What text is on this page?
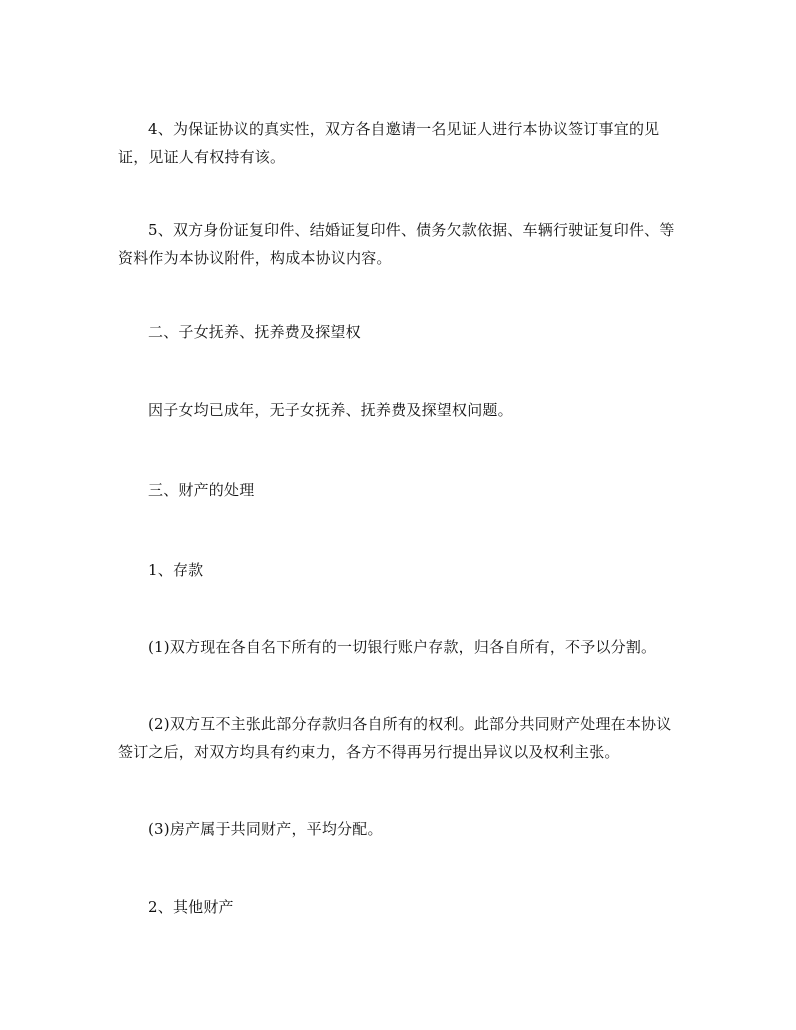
4、为保证协议的真实性，双方各自邀请一名见证人进行本协议签订事宜的见证，见证人有权持有该。

5、双方身份证复印件、结婚证复印件、债务欠款依据、车辆行驶证复印件、等资料作为本协议附件，构成本协议内容。

二、子女抚养、抚养费及探望权

因子女均已成年，无子女抚养、抚养费及探望权问题。

三、财产的处理

1、存款

(1)双方现在各自名下所有的一切银行账户存款，归各自所有，不予以分割。

(2)双方互不主张此部分存款归各自所有的权利。此部分共同财产处理在本协议签订之后，对双方均具有约束力，各方不得再另行提出异议以及权利主张。

(3)房产属于共同财产，平均分配。

2、其他财产
